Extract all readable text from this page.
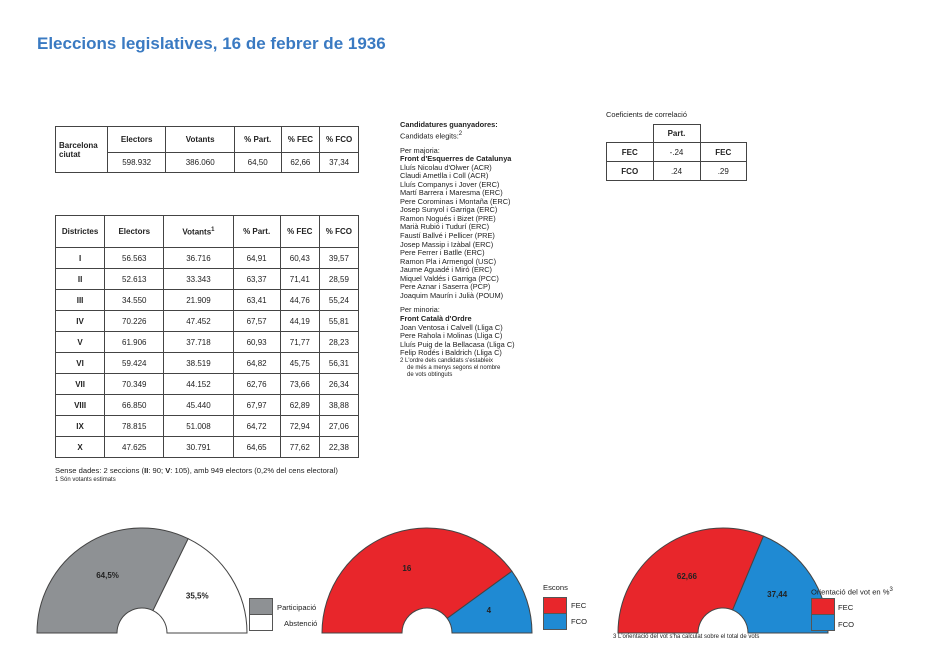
Eleccions legislatives, 16 de febrer de 1936
Barcelona ciutat	Electors	Votants	% Part.	% FEC	% FCO
	598.932	386.060	64,50	62,66	37,34
Districtes	Electors	Votants$^1$	% Part.	% FEC	% FCO
I	56.563	36.716	64,91	60,43	39,57
II	52.613	33.343	63,37	71,41	28,59
III	34.550	21.909	63,41	44,76	55,24
IV	70.226	47.452	67,57	44,19	55,81
V	61.906	37.718	60,93	71,77	28,23
VI	59.424	38.519	64,82	45,75	56,31
VII	70.349	44.152	62,76	73,66	26,34
VIII	66.850	45.440	67,97	62,89	38,88
IX	78.815	51.008	64,72	72,94	27,06
X	47.625	30.791	64,65	77,62	22,38
Candidatures guanyadores:
Candidats elegits:$^2$
Per majoria:
Front d'Esquerres de Catalunya
Lluís Nicolau d'Olwer (ACR)
Claudi Ametlla i Coll (ACR)
Lluís Companys i Jover (ERC)
Martí Barrera i Maresma (ERC)
Pere Corominas i Montaña (ERC)
Josep Sunyol i Garriga (ERC)
Ramon Nogués i Bizet (PRE)
Marià Rubió i Tudurí (ERC)
Faustí Ballvé i Pellicer (PRE)
Josep Massip i Izàbal (ERC)
Pere Ferrer i Batlle (ERC)
Ramon Pla i Armengol (USC)
Jaume Aguadé i Miró (ERC)
Miquel Valdés i Garriga (PCC)
Pere Aznar i Saserra (PCP)
Joaquim Maurín i Julià (POUM)
Per minoria:
Front Català d'Ordre
Joan Ventosa i Calvell (Lliga C)
Pere Rahola i Molinas (Lliga C)
Lluís Puig de la Bellacasa (Lliga C)
Felip Rodés i Baldrich (Lliga C)
2 L'ordre dels candidats s'estableix
de més a menys segons el nombre
de vots obtinguts
Coeficients de correlació
	Part.	
FEC	-.24	FEC
FCO	.24	.29
Sense dades: 2 seccions (II: 90; V: 105), amb 949 electors (0,2% del cens electoral)
1 Són votants estimats
64,5%
35,5%
16
4
62,66
37,44
Participació
Abstenció
Escons
FEC
FCO
Orientació del vot en %$^3$
FEC
FCO
3 L'orientació del vot s'ha calculat sobre el total de vots
